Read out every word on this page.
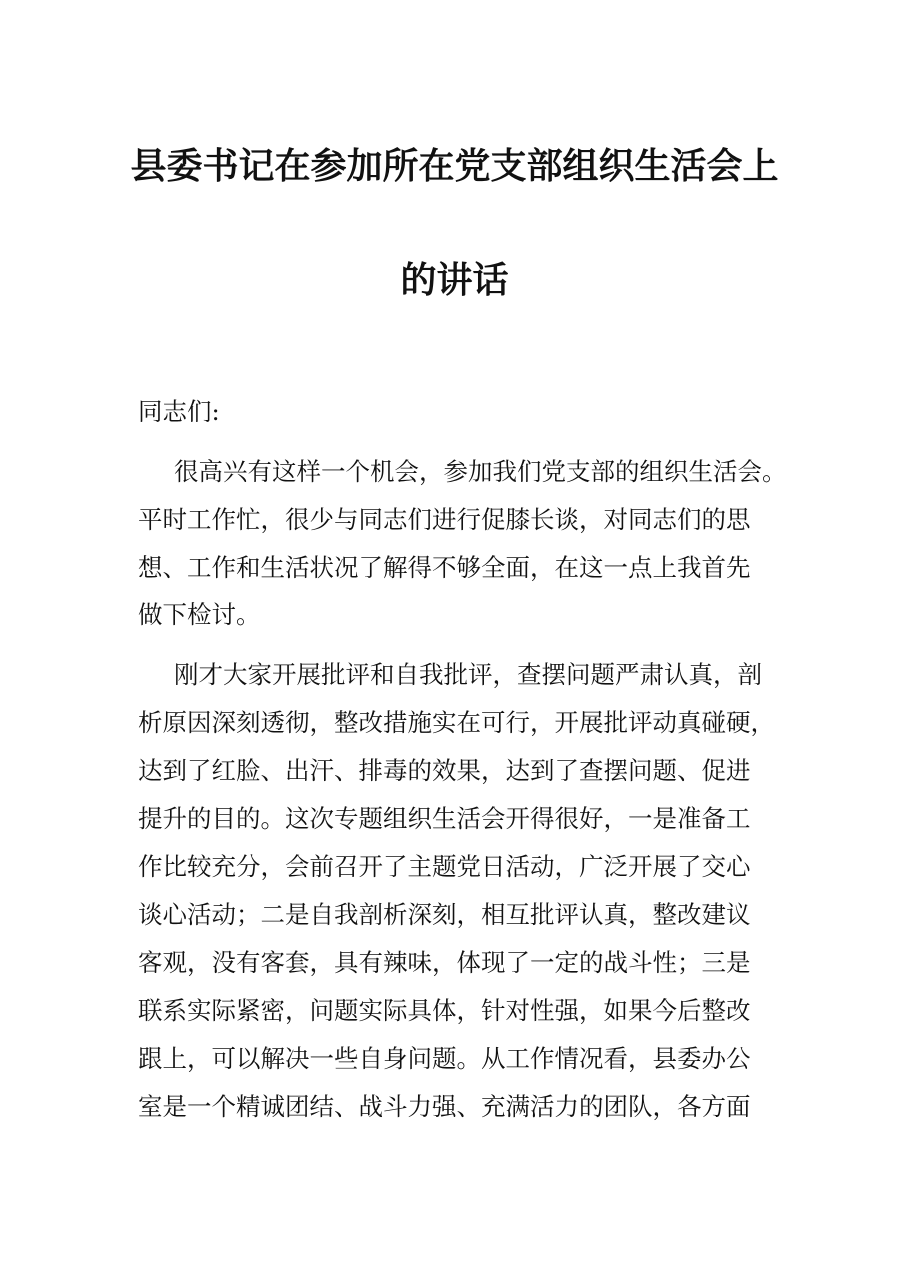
县委书记在参加所在党支部组织生活会上
的讲话
同志们:
很高兴有这样一个机会，参加我们党支部的组织生活会。
平时工作忙，很少与同志们进行促膝长谈，对同志们的思
想、工作和生活状况了解得不够全面，在这一点上我首先
做下检讨。
刚才大家开展批评和自我批评，查摆问题严肃认真，剖
析原因深刻透彻，整改措施实在可行，开展批评动真碰硬，
达到了红脸、出汗、排毒的效果，达到了查摆问题、促进
提升的目的。这次专题组织生活会开得很好，一是准备工
作比较充分，会前召开了主题党日活动，广泛开展了交心
谈心活动；二是自我剖析深刻，相互批评认真，整改建议
客观，没有客套，具有辣味，体现了一定的战斗性；三是
联系实际紧密，问题实际具体，针对性强，如果今后整改
跟上，可以解决一些自身问题。从工作情况看，县委办公
室是一个精诚团结、战斗力强、充满活力的团队，各方面
